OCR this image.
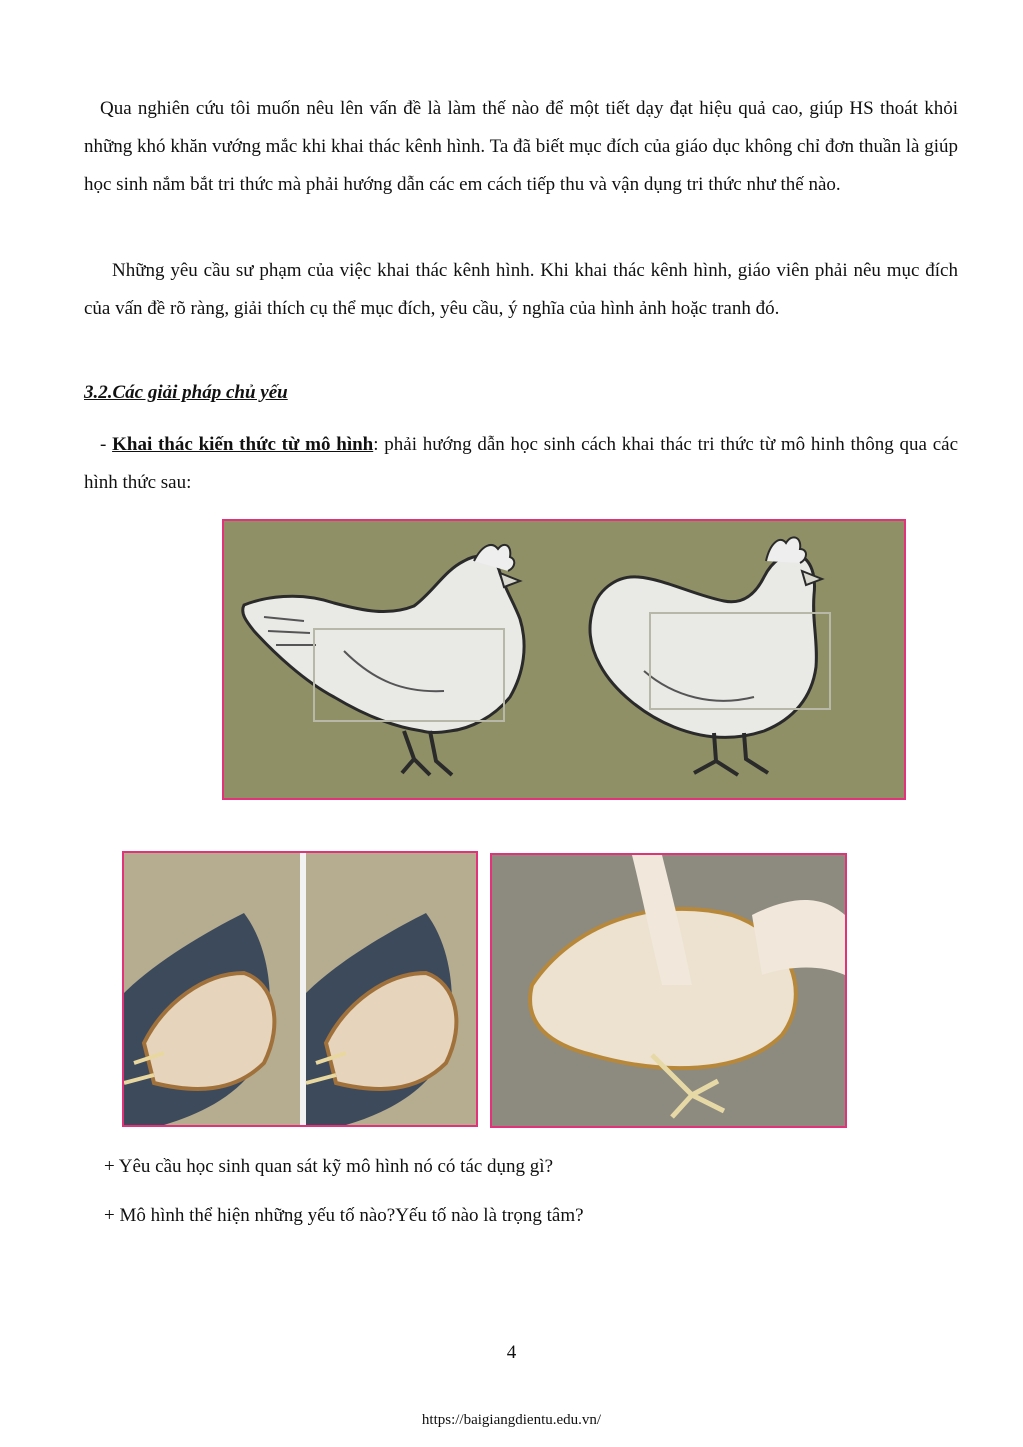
Qua nghiên cứu tôi muốn nêu lên vấn đề là làm thế nào để một tiết dạy đạt hiệu quả cao, giúp HS thoát khỏi những khó khăn vướng mắc khi khai thác kênh hình. Ta đã biết mục đích của giáo dục không chỉ đơn thuần là giúp học sinh nắm bắt tri thức mà phải hướng dẫn các em cách tiếp thu và vận dụng tri thức như thế nào.

Những yêu cầu sư phạm của việc khai thác kênh hình. Khi khai thác kênh hình, giáo viên phải nêu mục đích của vấn đề rõ ràng, giải thích cụ thể mục đích, yêu cầu, ý nghĩa của hình ảnh hoặc tranh đó.

3.2.Các giải pháp chủ yếu

- Khai thác kiến thức từ mô hình: phải hướng dẫn học sinh cách khai thác tri thức từ mô hinh thông qua các hình thức sau:

+ Yêu cầu học sinh quan sát kỹ mô hình nó có tác dụng gì?

+ Mô hình thể hiện những yếu tố nào?Yếu tố nào là trọng tâm?

4
https://baigiangdientu.edu.vn/
